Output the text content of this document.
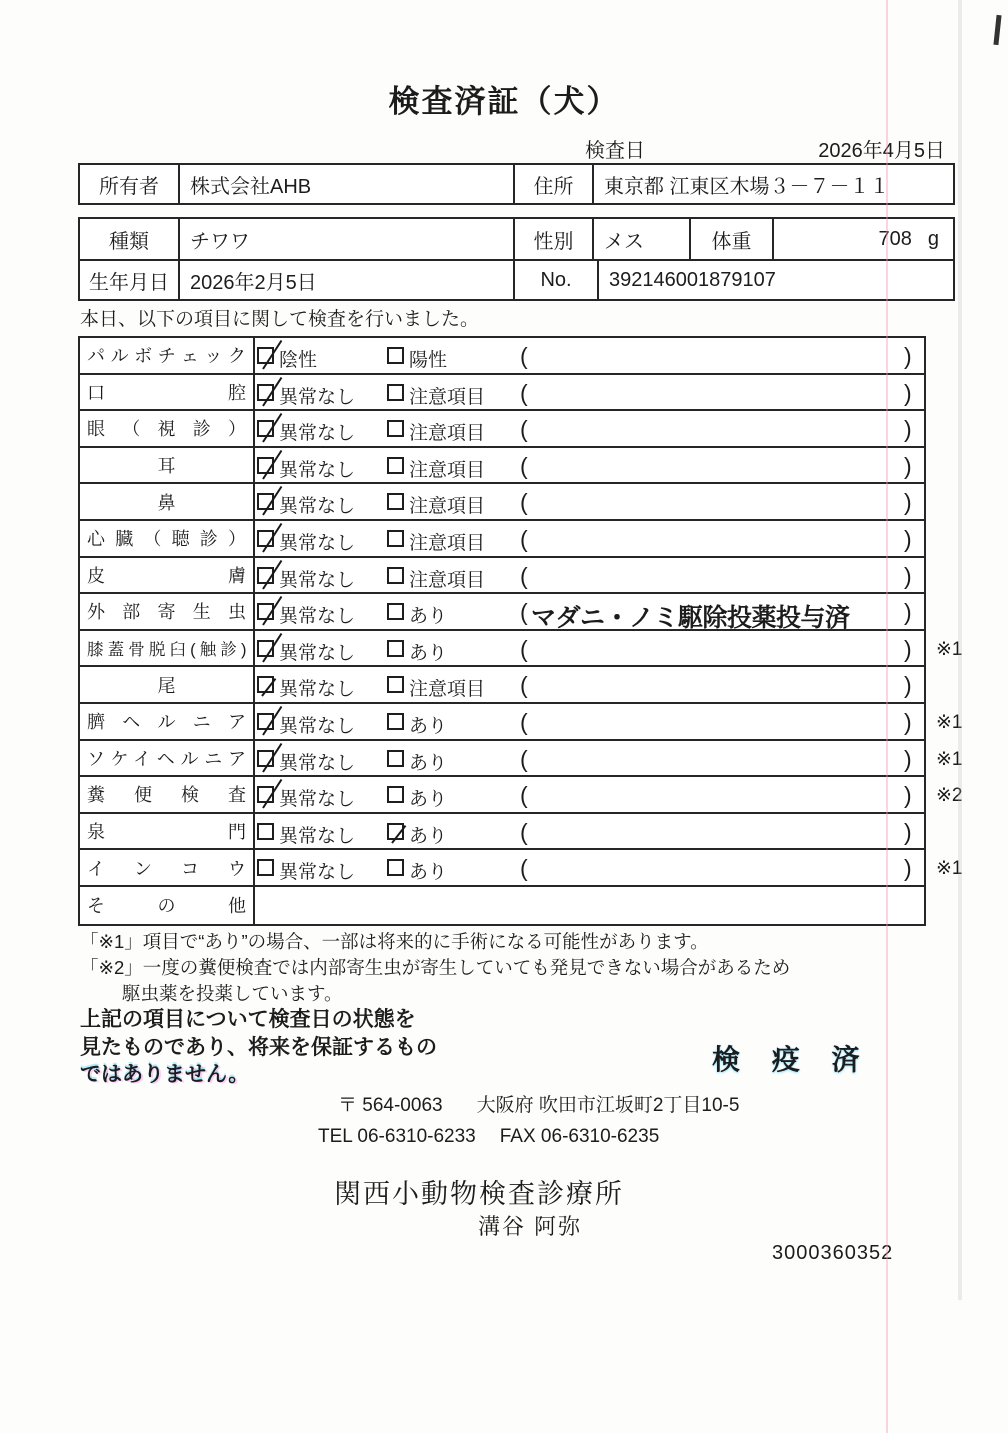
検査済証（犬）
検査日	2026年4月5日
所有者	株式会社AHB	住所	東京都 江東区木場３－７－１１
種類	チワワ	性別	メス	体重	708 g
生年月日	2026年2月5日	No.	392146001879107
本日、以下の項目に関して検査を行いました。
パルボチェック 陰性	陽性	(	)
口腔 異常なし	注意項目 (	)
眼（視診） 異常なし	注意項目 (	)
耳	異常なし	注意項目 (	)
鼻	異常なし	注意項目 (	)
心臓（聴診） 異常なし	注意項目 (	)
皮膚 異常なし	注意項目 (	)
外部寄生虫 異常なし	あり	( マダニ・ノミ駆除投薬投与済 )
膝蓋骨脱臼(触診) 異常なし	あり	(	) ※1
尾	異常なし	注意項目 (	)
臍ヘルニア 異常なし	あり	(	) ※1
ソケイヘルニア 異常なし	あり	(	) ※1
糞便検査 異常なし	あり	(	) ※2
泉門 異常なし	あり	(	)
インコウ 異常なし	あり	(	) ※1
その他
「※1」項目で“あり”の場合、一部は将来的に手術になる可能性があります。
「※2」一度の糞便検査では内部寄生虫が寄生していても発見できない場合があるため
駆虫薬を投薬しています。
上記の項目について検査日の状態を
見たものであり、将来を保証するもの
ではありません。	検 疫 済
〒 564-0063 大阪府 吹田市江坂町2丁目10-5
TEL 06-6310-6233 FAX 06-6310-6235
関西小動物検査診療所
溝谷 阿弥
3000360352
